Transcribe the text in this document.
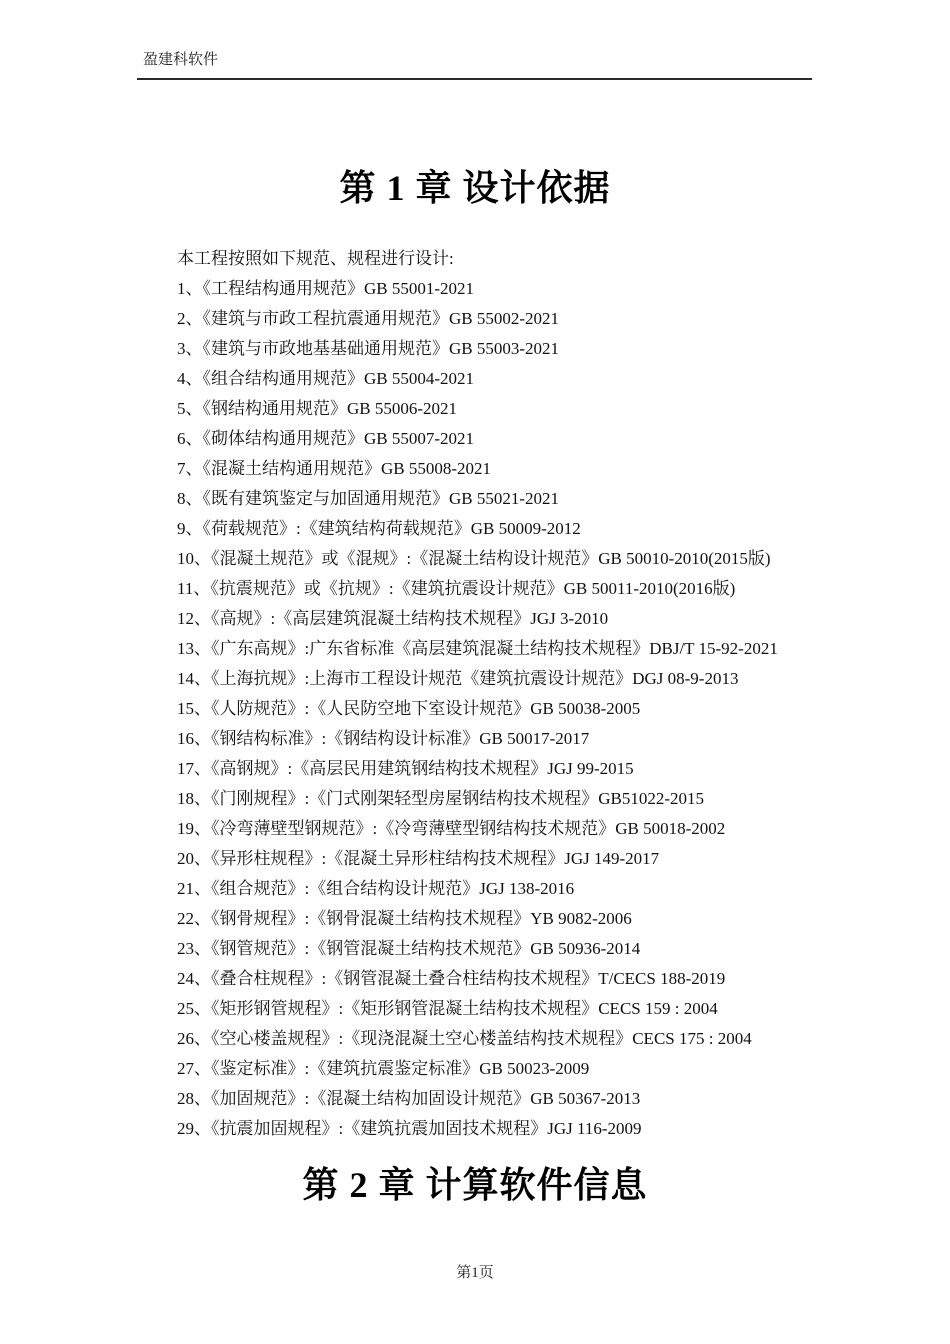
盈建科软件
第 1 章 设计依据
本工程按照如下规范、规程进行设计:
1、《工程结构通用规范》GB 55001-2021
2、《建筑与市政工程抗震通用规范》GB 55002-2021
3、《建筑与市政地基基础通用规范》GB 55003-2021
4、《组合结构通用规范》GB 55004-2021
5、《钢结构通用规范》GB 55006-2021
6、《砌体结构通用规范》GB 55007-2021
7、《混凝土结构通用规范》GB 55008-2021
8、《既有建筑鉴定与加固通用规范》GB 55021-2021
9、《荷载规范》:《建筑结构荷载规范》GB 50009-2012
10、《混凝土规范》或《混规》:《混凝土结构设计规范》GB 50010-2010(2015版)
11、《抗震规范》或《抗规》:《建筑抗震设计规范》GB 50011-2010(2016版)
12、《高规》:《高层建筑混凝土结构技术规程》JGJ 3-2010
13、《广东高规》:广东省标准《高层建筑混凝土结构技术规程》DBJ/T 15-92-2021
14、《上海抗规》:上海市工程设计规范《建筑抗震设计规范》DGJ 08-9-2013
15、《人防规范》:《人民防空地下室设计规范》GB 50038-2005
16、《钢结构标准》:《钢结构设计标准》GB 50017-2017
17、《高钢规》:《高层民用建筑钢结构技术规程》JGJ 99-2015
18、《门刚规程》:《门式刚架轻型房屋钢结构技术规程》GB51022-2015
19、《冷弯薄壁型钢规范》:《冷弯薄壁型钢结构技术规范》GB 50018-2002
20、《异形柱规程》:《混凝土异形柱结构技术规程》JGJ 149-2017
21、《组合规范》:《组合结构设计规范》JGJ 138-2016
22、《钢骨规程》:《钢骨混凝土结构技术规程》YB 9082-2006
23、《钢管规范》:《钢管混凝土结构技术规范》GB 50936-2014
24、《叠合柱规程》:《钢管混凝土叠合柱结构技术规程》T/CECS 188-2019
25、《矩形钢管规程》:《矩形钢管混凝土结构技术规程》CECS 159 : 2004
26、《空心楼盖规程》:《现浇混凝土空心楼盖结构技术规程》CECS 175 : 2004
27、《鉴定标准》:《建筑抗震鉴定标准》GB 50023-2009
28、《加固规范》:《混凝土结构加固设计规范》GB 50367-2013
29、《抗震加固规程》:《建筑抗震加固技术规程》JGJ 116-2009
第 2 章 计算软件信息
第1页
